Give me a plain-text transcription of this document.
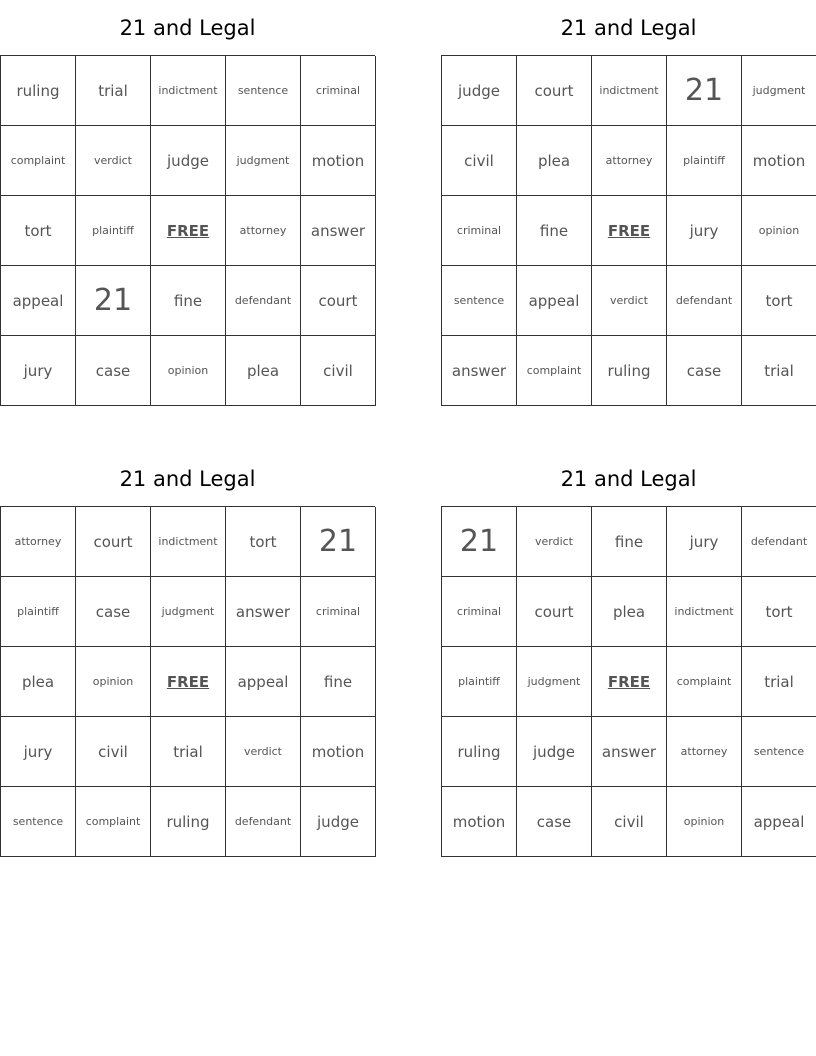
21 and Legal
ruling	trial	indictment	sentence	criminal
complaint	verdict	judge	judgment	motion
tort	plaintiff	FREE	attorney	answer
appeal	21	fine	defendant	court
jury	case	opinion	plea	civil
21 and Legal
judge	court	indictment 21	judgment
civil	plea	attorney	plaintiff	motion
criminal	fine	FREE	jury	opinion
sentence	appeal	verdict	defendant	tort
answer	complaint	ruling	case	trial
21 and Legal
attorney	court	indictment	tort	21
plaintiff	case	judgment	answer	criminal
plea	opinion	FREE	appeal	fine
jury	civil	trial	verdict	motion
sentence	complaint	ruling	defendant	judge
21 and Legal
21	verdict	fine	jury	defendant
criminal	court	plea	indictment	tort
plaintiff	judgment	FREE	complaint	trial
ruling	judge	answer	attorney	sentence
motion	case	civil	opinion	appeal
